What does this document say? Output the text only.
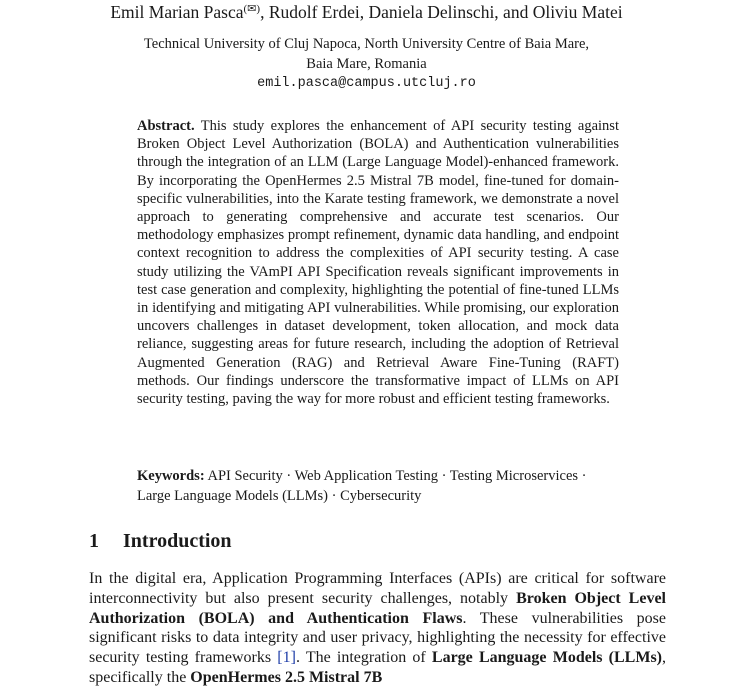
Emil Marian Pasca(✉), Rudolf Erdei, Daniela Delinschi, and Oliviu Matei
Technical University of Cluj Napoca, North University Centre of Baia Mare,
Baia Mare, Romania
emil.pasca@campus.utcluj.ro
Abstract. This study explores the enhancement of API security testing against Broken Object Level Authorization (BOLA) and Authentication vulnerabilities through the integration of an LLM (Large Language Model)-enhanced framework. By incorporating the OpenHermes 2.5 Mistral 7B model, fine-tuned for domain-specific vulnerabilities, into the Karate testing framework, we demonstrate a novel approach to generating comprehensive and accurate test scenarios. Our methodology emphasizes prompt refinement, dynamic data handling, and endpoint context recognition to address the complexities of API security testing. A case study utilizing the VAmPI API Specification reveals significant improvements in test case generation and complexity, highlighting the potential of fine-tuned LLMs in identifying and mitigating API vulnerabilities. While promising, our exploration uncovers challenges in dataset development, token allocation, and mock data reliance, suggesting areas for future research, including the adoption of Retrieval Augmented Generation (RAG) and Retrieval Aware Fine-Tuning (RAFT) methods. Our findings underscore the transformative impact of LLMs on API security testing, paving the way for more robust and efficient testing frameworks.
Keywords: API Security · Web Application Testing · Testing Microservices · Large Language Models (LLMs) · Cybersecurity
1 Introduction
In the digital era, Application Programming Interfaces (APIs) are critical for software interconnectivity but also present security challenges, notably Broken Object Level Authorization (BOLA) and Authentication Flaws. These vulnerabilities pose significant risks to data integrity and user privacy, highlighting the necessity for effective security testing frameworks [1]. The integration of Large Language Models (LLMs), specifically the OpenHermes 2.5 Mistral 7B
